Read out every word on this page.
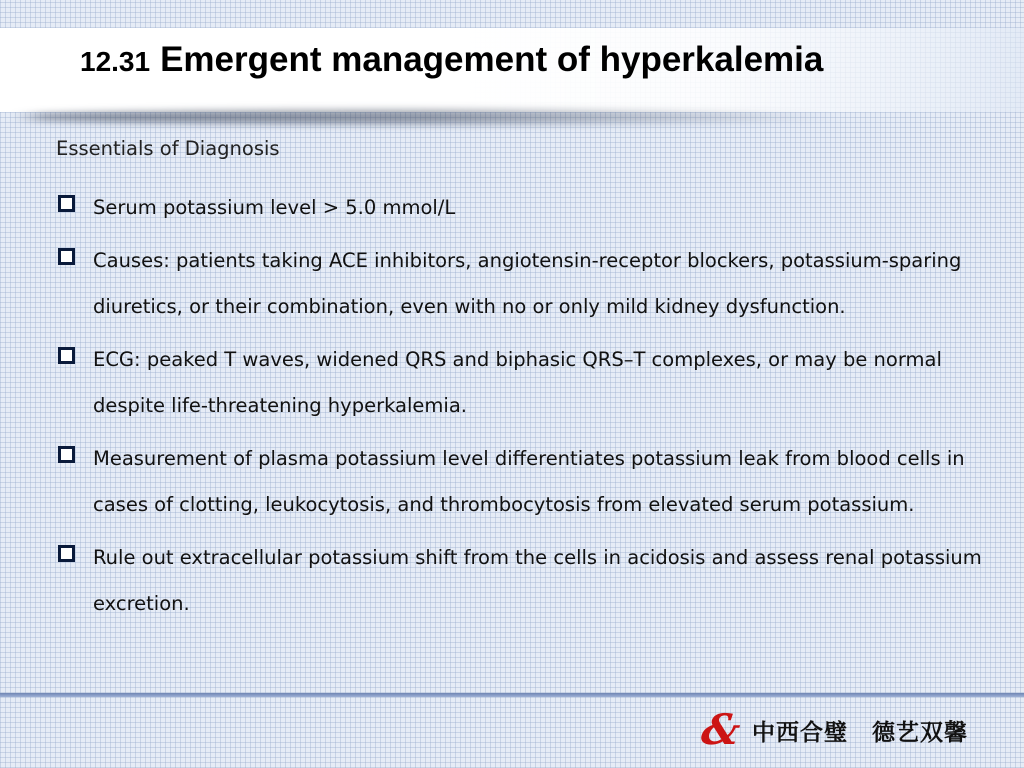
12.31 Emergent management of hyperkalemia
Essentials of Diagnosis
Serum potassium level > 5.0 mmol/L
Causes: patients taking ACE inhibitors, angiotensin-receptor blockers, potassium-sparing diuretics, or their combination, even with no or only mild kidney dysfunction.
ECG: peaked T waves, widened QRS and biphasic QRS–T complexes, or may be normal despite life-threatening hyperkalemia.
Measurement of plasma potassium level differentiates potassium leak from blood cells in cases of clotting, leukocytosis, and thrombocytosis from elevated serum potassium.
Rule out extracellular potassium shift from the cells in acidosis and assess renal potassium excretion.
& 中西合璧 德艺双馨
